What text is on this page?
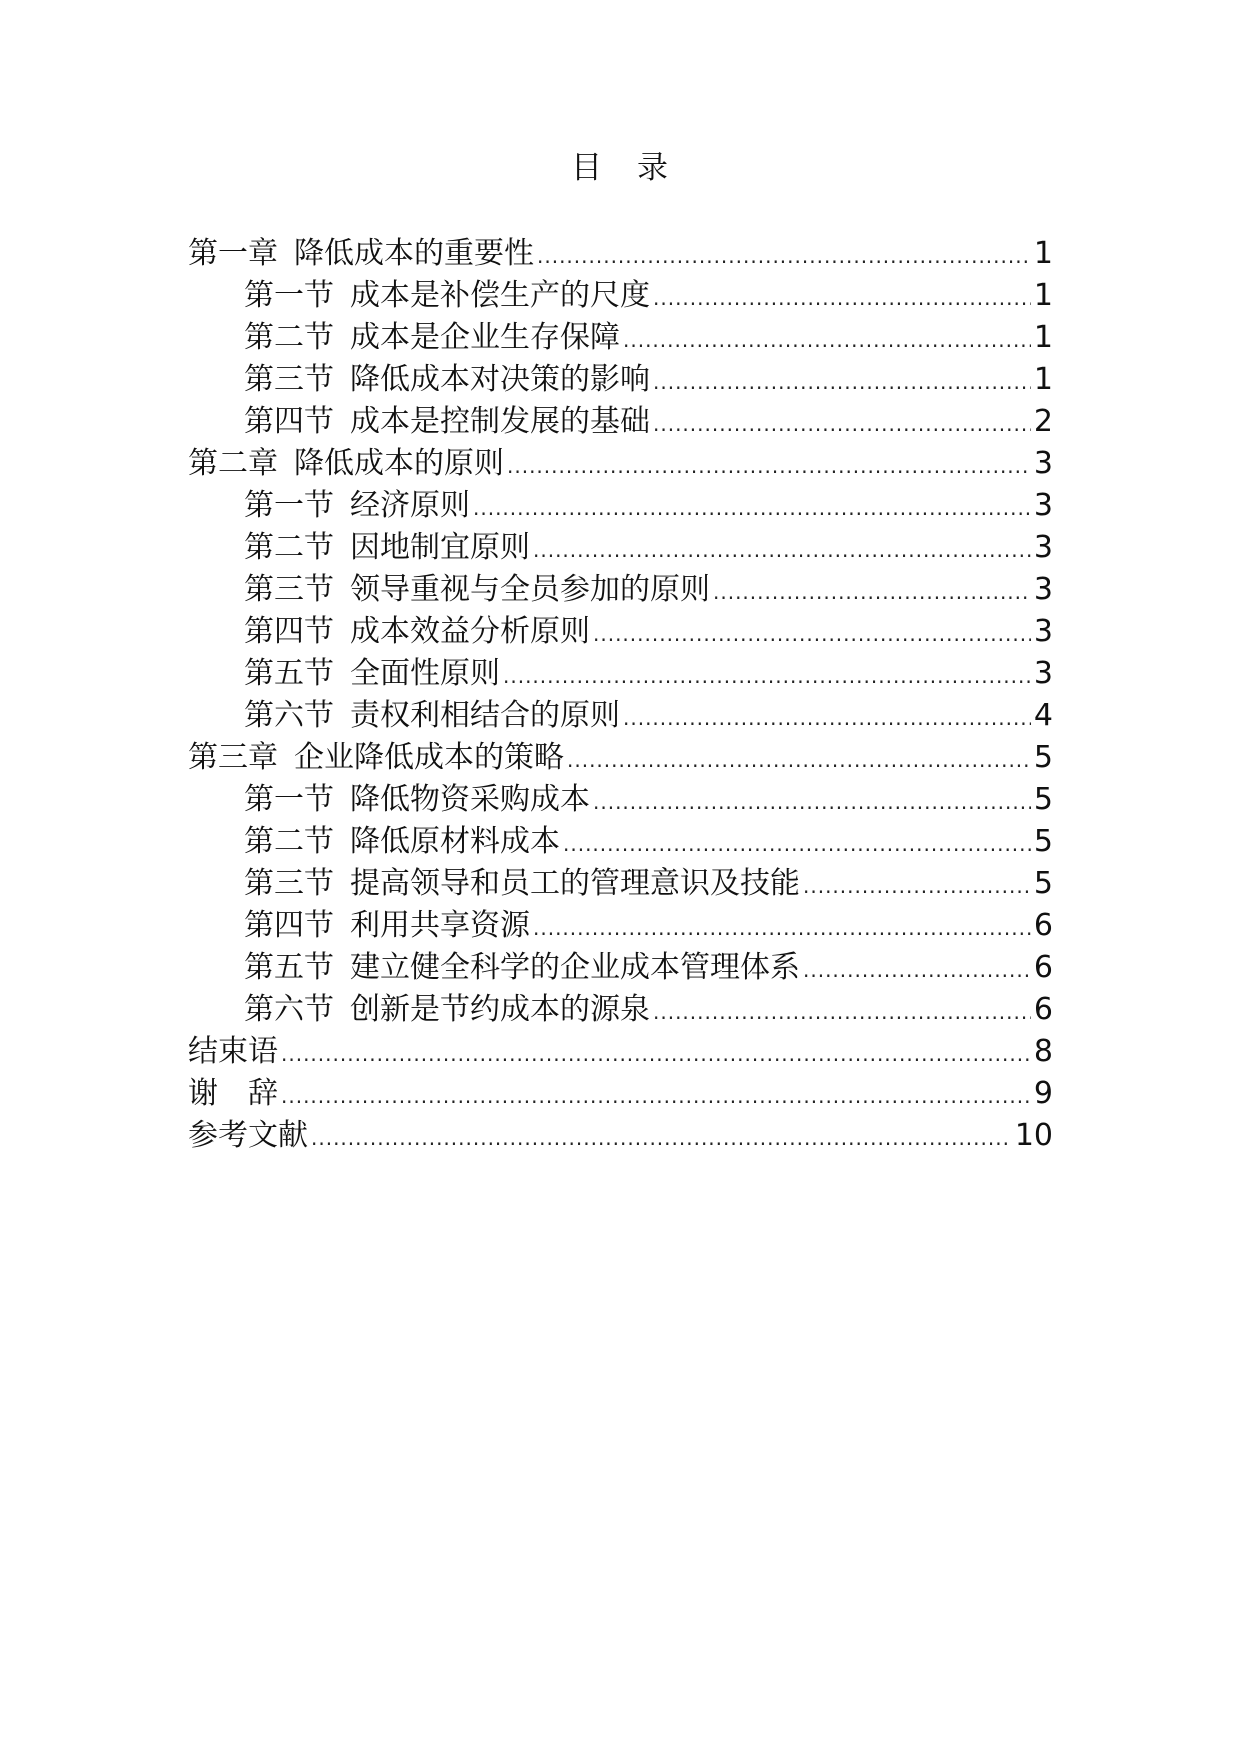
目　录
第一章 降低成本的重要性 .....	1
第一节 成本是补偿生产的尺度 .....	1
第二节 成本是企业生存保障 .....	1
第三节 降低成本对决策的影响 .....	1
第四节 成本是控制发展的基础 .....	2
第二章 降低成本的原则 .....	3
第一节 经济原则 .....	3
第二节 因地制宜原则 .....	3
第三节 领导重视与全员参加的原则 .....	3
第四节 成本效益分析原则 .....	3
第五节 全面性原则 .....	3
第六节 责权利相结合的原则 .....	4
第三章 企业降低成本的策略 .....	5
第一节 降低物资采购成本 .....	5
第二节 降低原材料成本 .....	5
第三节 提高领导和员工的管理意识及技能 .....	5
第四节 利用共享资源 .....	6
第五节 建立健全科学的企业成本管理体系 .....	6
第六节 创新是节约成本的源泉 .....	6
结束语 .....	8
谢　辞 .....	9
参考文献 .....	10
